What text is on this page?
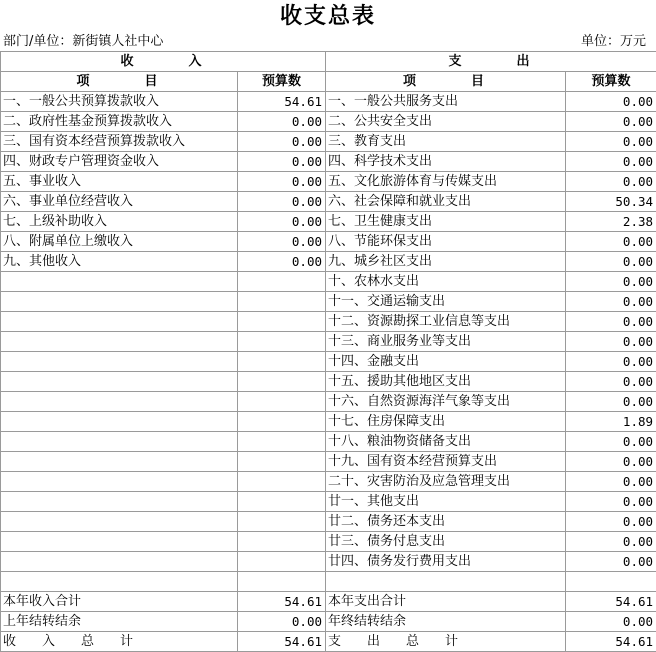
收支总表
部门/单位：新街镇人社中心	单位：万元
收　　　入		支　　　出	
项　　　目	预算数	项　　　目	预算数
一、一般公共预算拨款收入	54.61	一、一般公共服务支出	0.00
二、政府性基金预算拨款收入	0.00	二、公共安全支出	0.00
三、国有资本经营预算拨款收入	0.00	三、教育支出	0.00
四、财政专户管理资金收入	0.00	四、科学技术支出	0.00
五、事业收入	0.00	五、文化旅游体育与传媒支出	0.00
六、事业单位经营收入	0.00	六、社会保障和就业支出	50.34
七、上级补助收入	0.00	七、卫生健康支出	2.38
八、附属单位上缴收入	0.00	八、节能环保支出	0.00
九、其他收入	0.00	九、城乡社区支出	0.00
		十、农林水支出	0.00
		十一、交通运输支出	0.00
		十二、资源勘探工业信息等支出	0.00
		十三、商业服务业等支出	0.00
		十四、金融支出	0.00
		十五、援助其他地区支出	0.00
		十六、自然资源海洋气象等支出	0.00
		十七、住房保障支出	1.89
		十八、粮油物资储备支出	0.00
		十九、国有资本经营预算支出	0.00
		二十、灾害防治及应急管理支出	0.00
		廿一、其他支出	0.00
		廿二、债务还本支出	0.00
		廿三、债务付息支出	0.00
		廿四、债务发行费用支出	0.00

本年收入合计	54.61	本年支出合计	54.61
上年结转结余	0.00	年终结转结余	0.00
收　　入　　总　　计	54.61	支　　出　　总　　计	54.61
